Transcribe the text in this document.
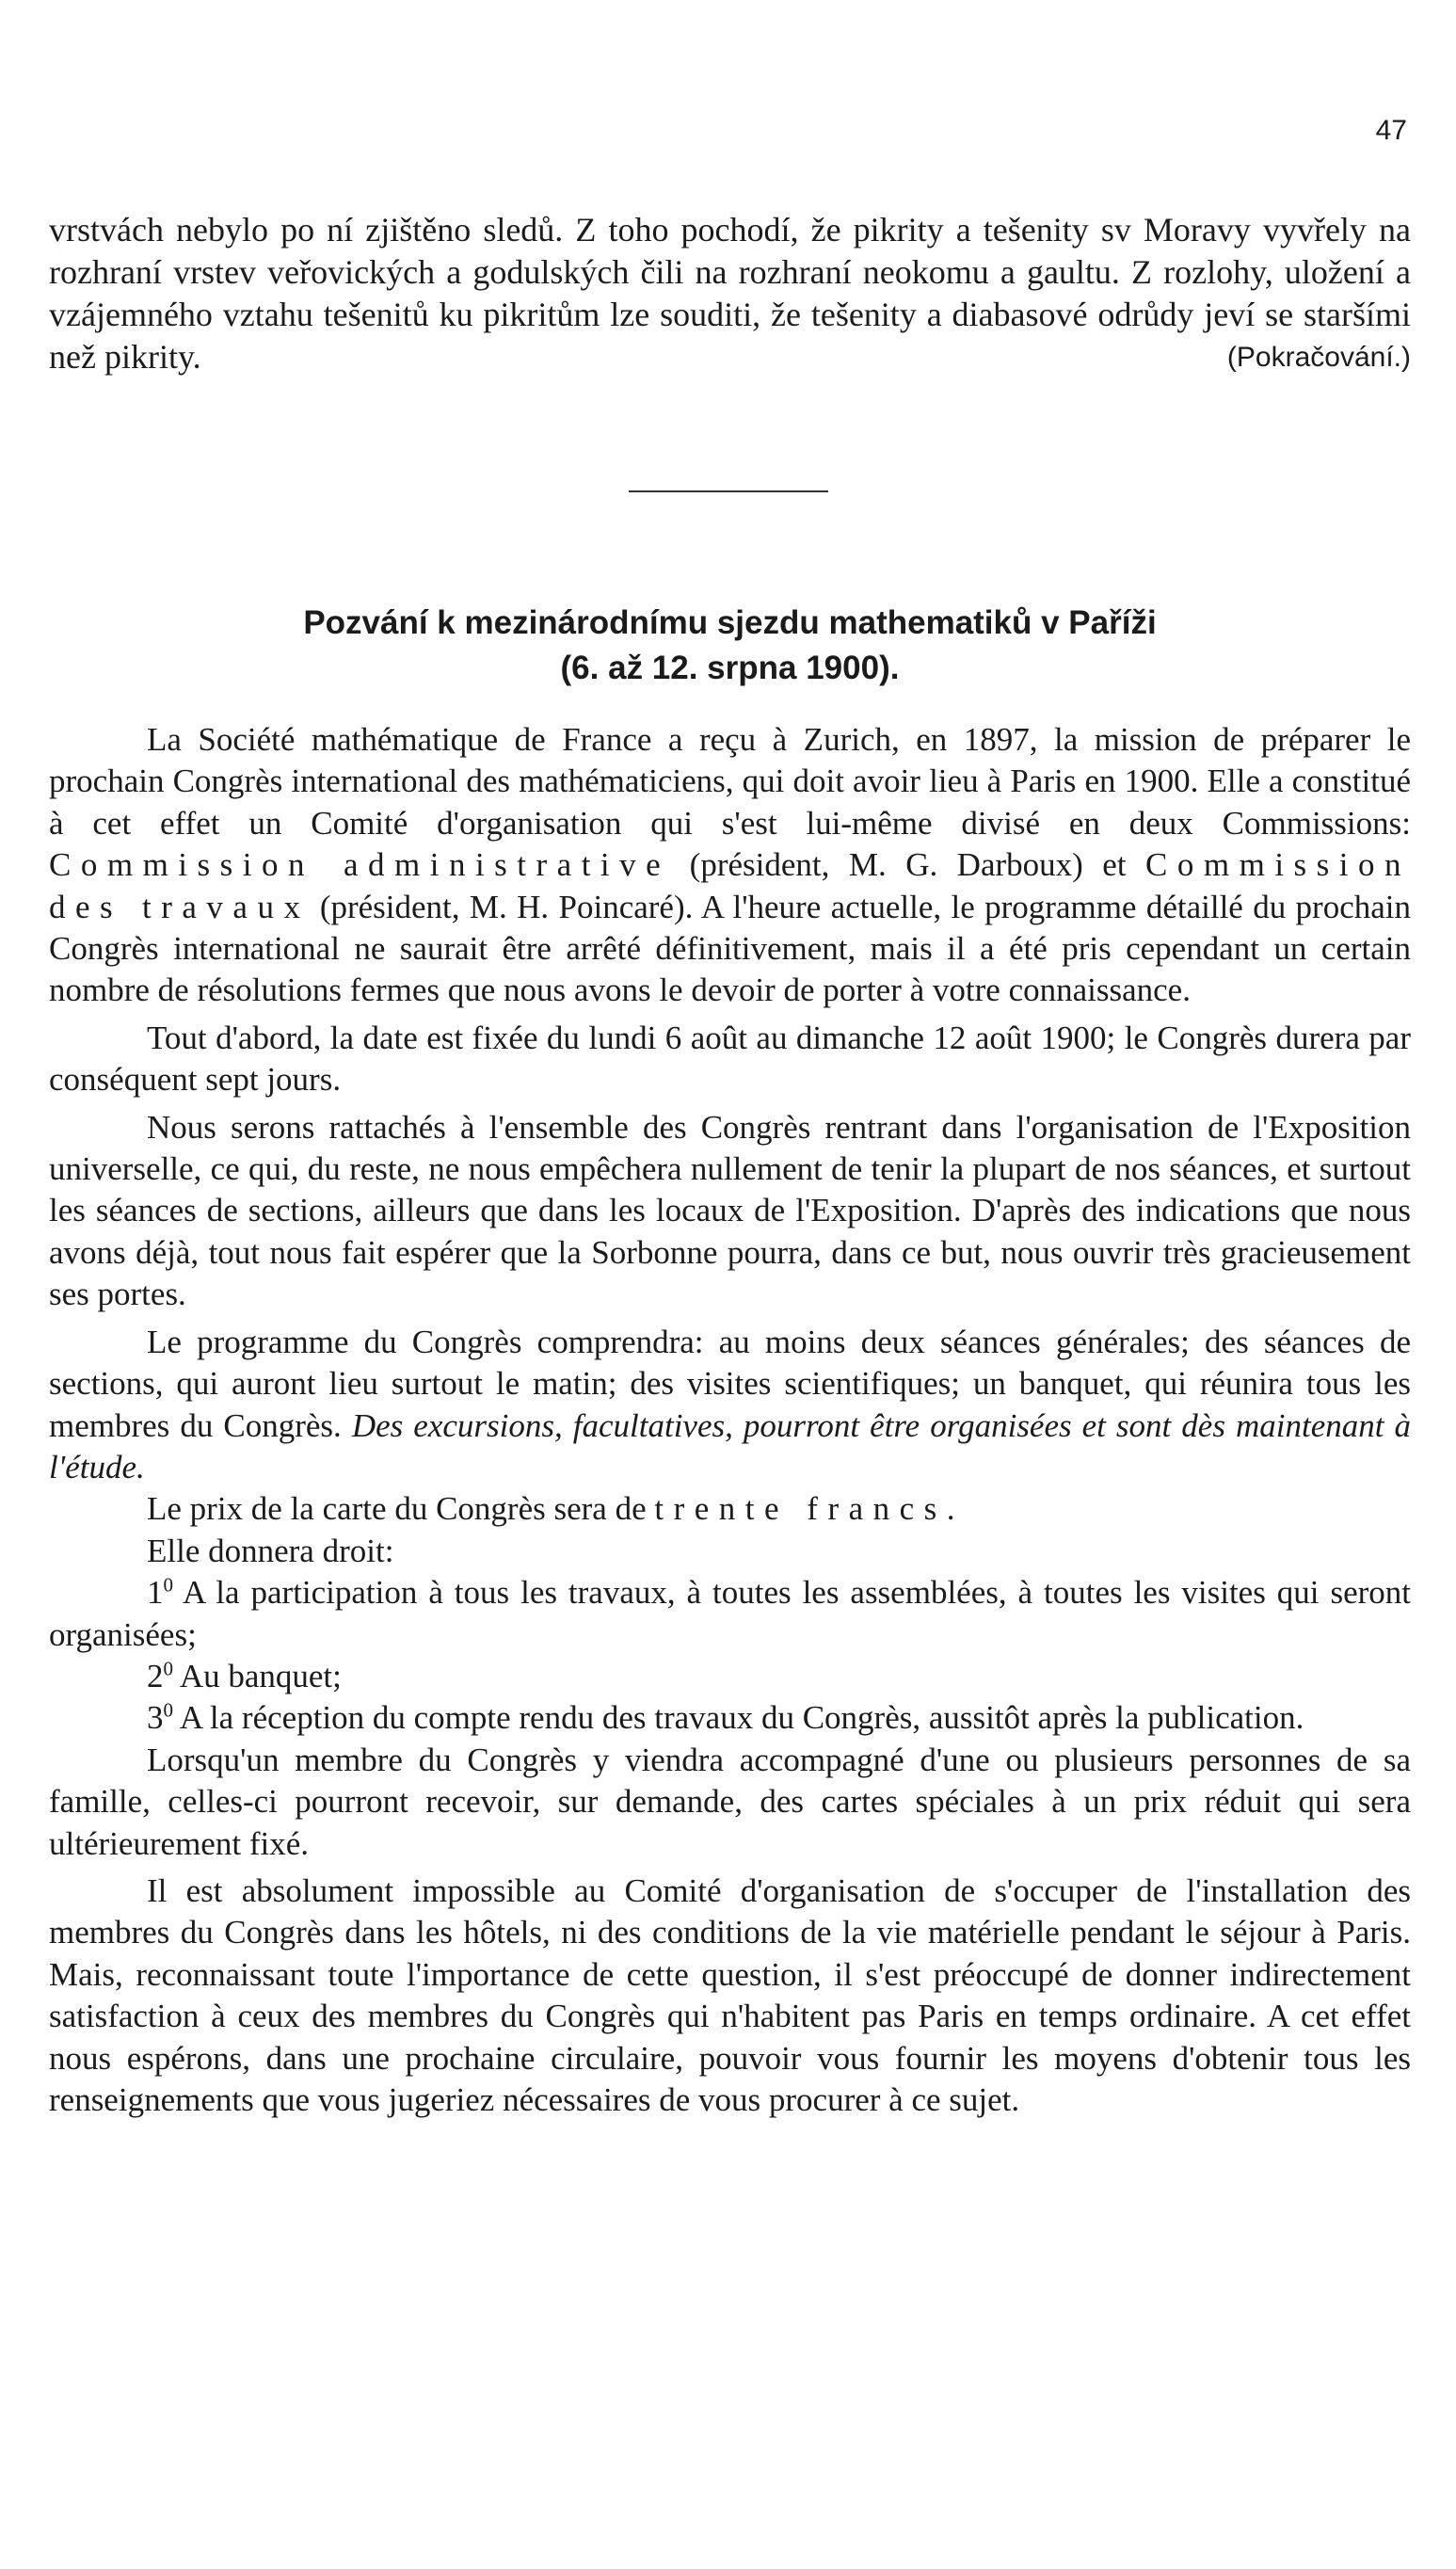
47

vrstvách nebylo po ní zjištěno sledů. Z toho pochodí, že pikrity a tešenity sv Moravy vyvřely na rozhraní vrstev veřovických a godulských čili na rozhraní neokomu a gaultu. Z rozlohy, uložení a vzájemného vztahu tešenitů ku pikritům lze souditi, že tešenity a diabasové odrůdy jeví se staršími než pikrity.	(Pokračování.)

Pozvání k mezinárodnímu sjezdu mathematiků v Paříži
(6. až 12. srpna 1900).

La Société mathématique de France a reçu à Zurich, en 1897, la mission de préparer le prochain Congrès international des mathématiciens, qui doit avoir lieu à Paris en 1900. Elle a constitué à cet effet un Comité d'organisation qui s'est lui-même divisé en deux Commissions: Commission administrative (président, M. G. Darboux) et Commission des travaux (président, M. H. Poincaré). A l'heure actuelle, le programme détaillé du prochain Congrès international ne saurait être arrêté définitivement, mais il a été pris cependant un certain nombre de résolutions fermes que nous avons le devoir de porter à votre connaissance.

Tout d'abord, la date est fixée du lundi 6 août au dimanche 12 août 1900; le Congrès durera par conséquent sept jours.

Nous serons rattachés à l'ensemble des Congrès rentrant dans l'organisation de l'Exposition universelle, ce qui, du reste, ne nous empêchera nullement de tenir la plupart de nos séances, et surtout les séances de sections, ailleurs que dans les locaux de l'Exposition. D'après des indications que nous avons déjà, tout nous fait espérer que la Sorbonne pourra, dans ce but, nous ouvrir très gracieusement ses portes.

Le programme du Congrès comprendra: au moins deux séances générales; des séances de sections, qui auront lieu surtout le matin; des visites scientifiques; un banquet, qui réunira tous les membres du Congrès. Des excursions, facultatives, pourront être organisées et sont dès maintenant à l'étude.

Le prix de la carte du Congrès sera de trente francs.

Elle donnera droit:

$1^0$ A la participation à tous les travaux, à toutes les assemblées, à toutes les visites qui seront organisées;

$2^0$ Au banquet;

$3^0$ A la réception du compte rendu des travaux du Congrès, aussitôt après la publication.

Lorsqu'un membre du Congrès y viendra accompagné d'une ou plusieurs personnes de sa famille, celles-ci pourront recevoir, sur demande, des cartes spéciales à un prix réduit qui sera ultérieurement fixé.

Il est absolument impossible au Comité d'organisation de s'occuper de l'installation des membres du Congrès dans les hôtels, ni des conditions de la vie matérielle pendant le séjour à Paris. Mais, reconnaissant toute l'importance de cette question, il s'est préoccupé de donner indirectement satisfaction à ceux des membres du Congrès qui n'habitent pas Paris en temps ordinaire. A cet effet nous espérons, dans une prochaine circulaire, pouvoir vous fournir les moyens d'obtenir tous les renseignements que vous jugeriez nécessaires de vous procurer à ce sujet.
